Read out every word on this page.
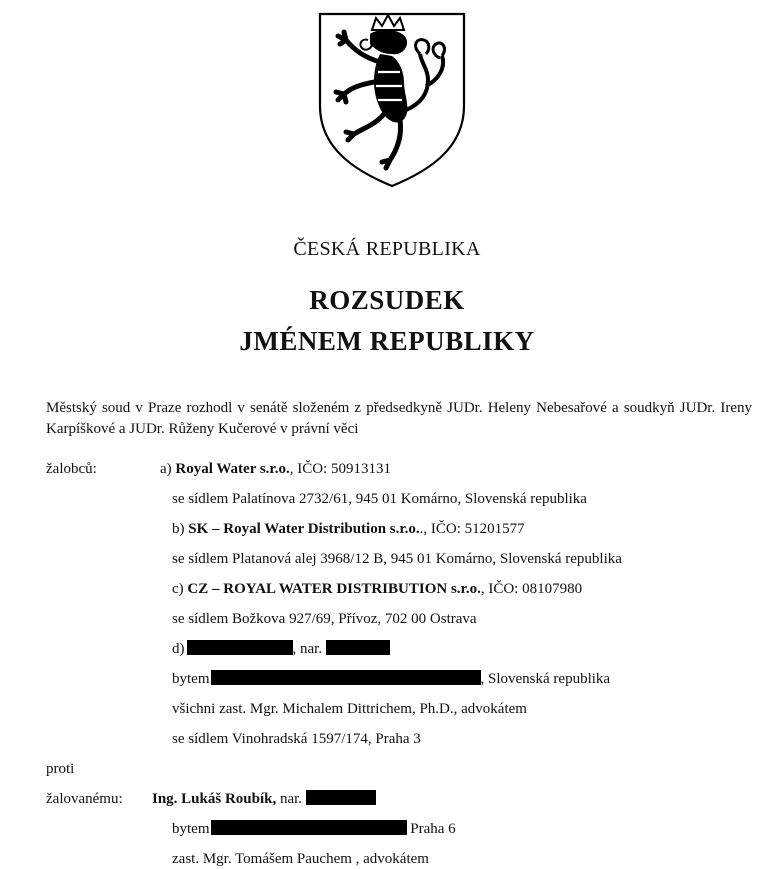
ČESKÁ REPUBLIKA
ROZSUDEK
JMÉNEM REPUBLIKY
Městský soud v Praze rozhodl v senátě složeném z předsedkyně JUDr. Heleny Nebesařové a soudkyň JUDr. Ireny Karpíškové a JUDr. Růženy Kučerové v právní věci
žalobců:	a) Royal Water s.r.o., IČO: 50913131
se sídlem Palatínova 2732/61, 945 01 Komárno, Slovenská republika
b) SK – Royal Water Distribution s.r.o.., IČO: 51201577
se sídlem Platanová alej 3968/12 B, 945 01 Komárno, Slovenská republika
c) CZ – ROYAL WATER DISTRIBUTION s.r.o., IČO: 08107980
se sídlem Božkova 927/69, Přívoz, 702 00 Ostrava
d)	, nar.
bytem	, Slovenská republika
všichni zast. Mgr. Michalem Dittrichem, Ph.D., advokátem
se sídlem Vinohradská 1597/174, Praha 3
proti
žalovanému: Ing. Lukáš Roubík, nar.
bytem	Praha 6
zast. Mgr. Tomášem Pauchem , advokátem
